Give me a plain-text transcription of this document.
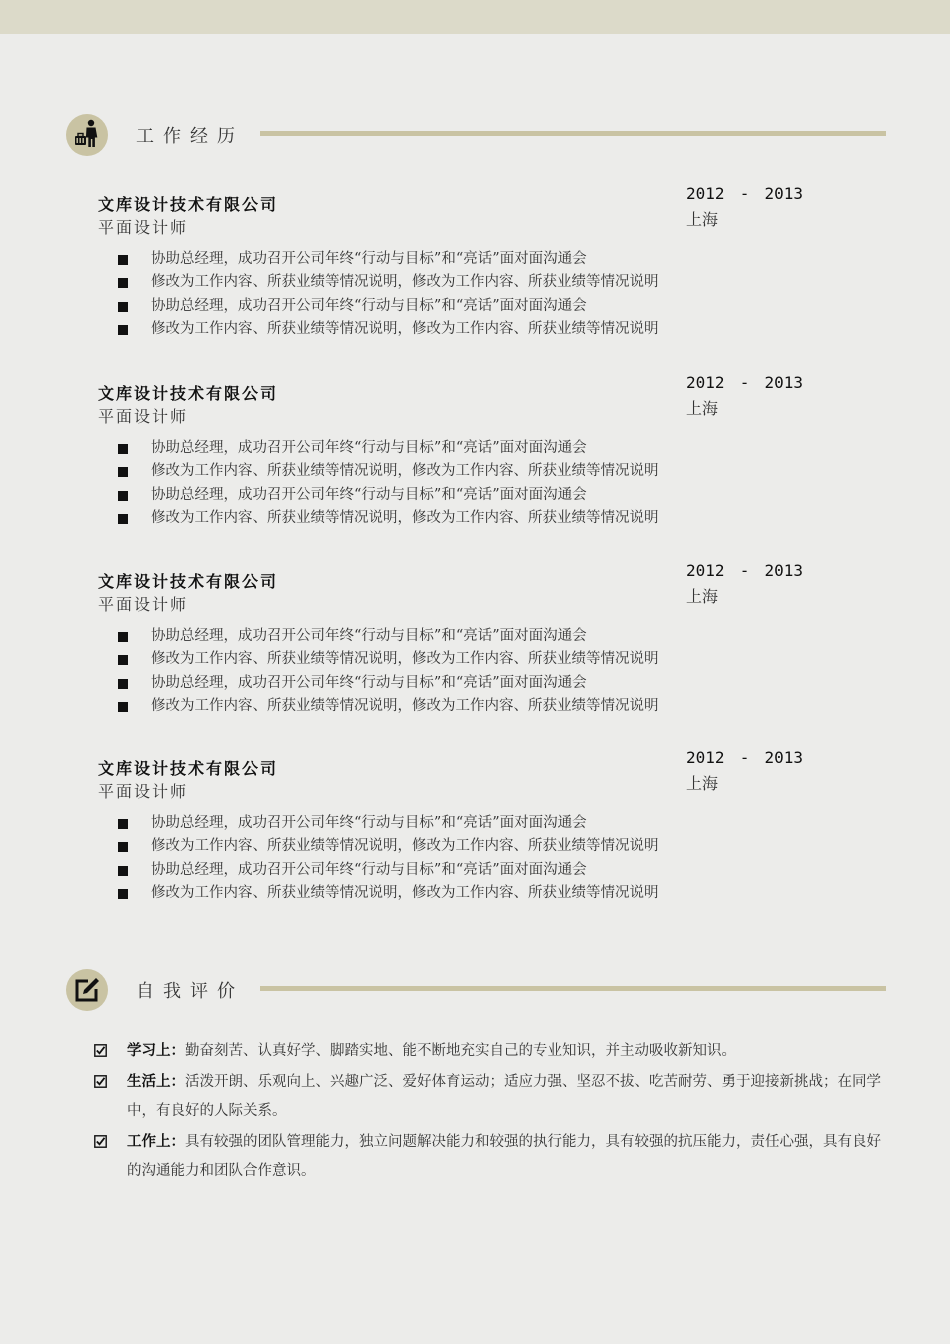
工作经历
文库设计技术有限公司
平面设计师
2012 - 2013
上海
协助总经理，成功召开公司年终“行动与目标”和“亮话”面对面沟通会
修改为工作内容、所获业绩等情况说明，修改为工作内容、所获业绩等情况说明
协助总经理，成功召开公司年终“行动与目标”和“亮话”面对面沟通会
修改为工作内容、所获业绩等情况说明，修改为工作内容、所获业绩等情况说明
文库设计技术有限公司
平面设计师
2012 - 2013
上海
协助总经理，成功召开公司年终“行动与目标”和“亮话”面对面沟通会
修改为工作内容、所获业绩等情况说明，修改为工作内容、所获业绩等情况说明
协助总经理，成功召开公司年终“行动与目标”和“亮话”面对面沟通会
修改为工作内容、所获业绩等情况说明，修改为工作内容、所获业绩等情况说明
文库设计技术有限公司
平面设计师
2012 - 2013
上海
协助总经理，成功召开公司年终“行动与目标”和“亮话”面对面沟通会
修改为工作内容、所获业绩等情况说明，修改为工作内容、所获业绩等情况说明
协助总经理，成功召开公司年终“行动与目标”和“亮话”面对面沟通会
修改为工作内容、所获业绩等情况说明，修改为工作内容、所获业绩等情况说明
文库设计技术有限公司
平面设计师
2012 - 2013
上海
协助总经理，成功召开公司年终“行动与目标”和“亮话”面对面沟通会
修改为工作内容、所获业绩等情况说明，修改为工作内容、所获业绩等情况说明
协助总经理，成功召开公司年终“行动与目标”和“亮话”面对面沟通会
修改为工作内容、所获业绩等情况说明，修改为工作内容、所获业绩等情况说明
自我评价
学习上：勤奋刻苦、认真好学、脚踏实地、能不断地充实自己的专业知识，并主动吸收新知识。
生活上：活泼开朗、乐观向上、兴趣广泛、爱好体育运动；适应力强、坚忍不拔、吃苦耐劳、勇于迎接新挑战；在同学中，有良好的人际关系。
工作上：具有较强的团队管理能力，独立问题解决能力和较强的执行能力，具有较强的抗压能力，责任心强，具有良好的沟通能力和团队合作意识。
